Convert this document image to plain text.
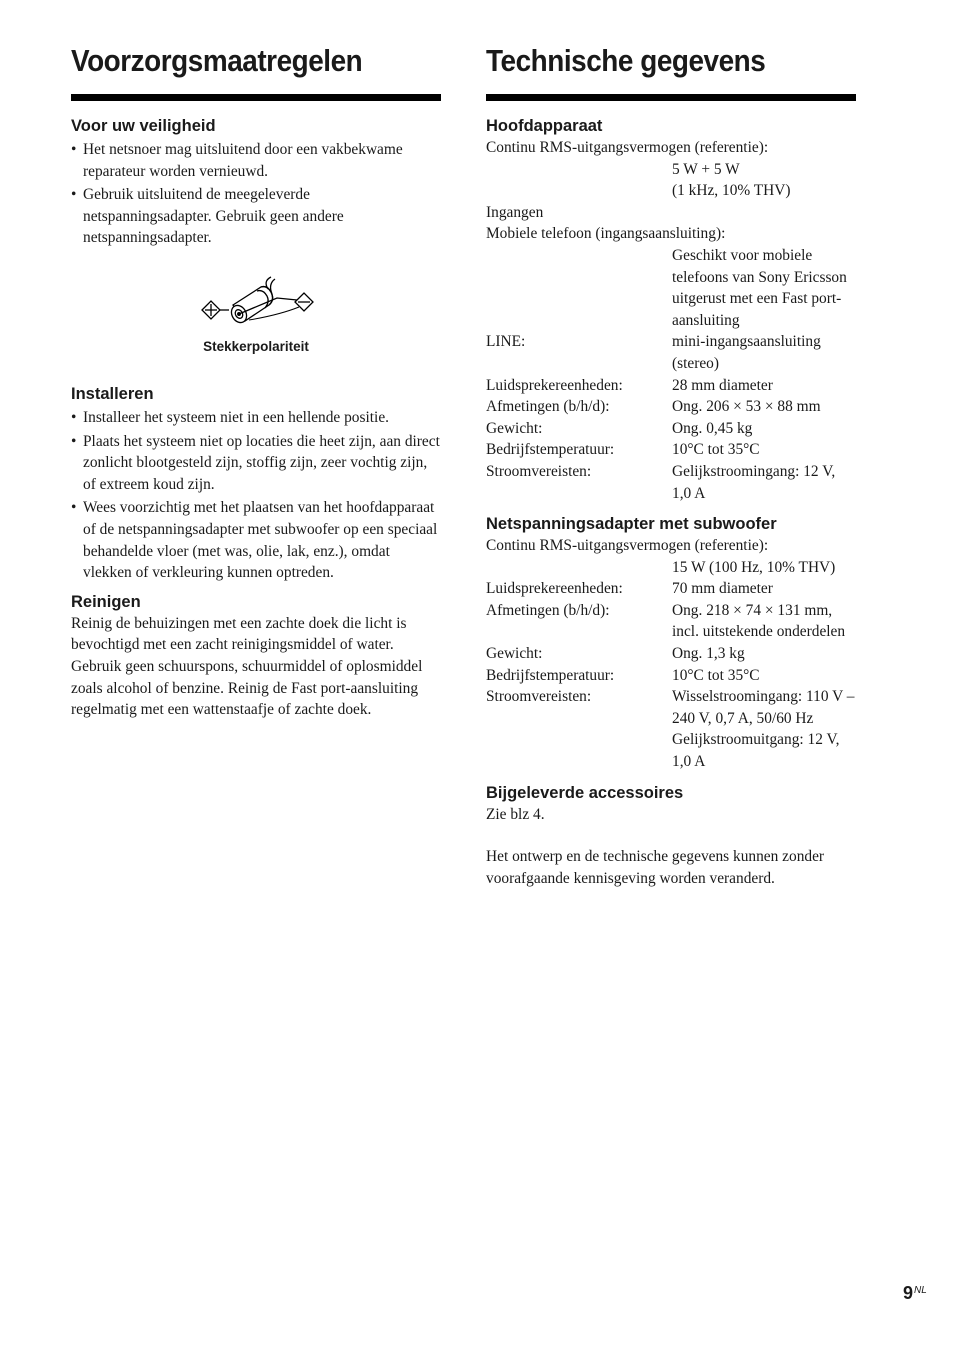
Voorzorgsmaatregelen
Voor uw veiligheid
• Het netsnoer mag uitsluitend door een vakbekwame reparateur worden vernieuwd.
• Gebruik uitsluitend de meegeleverde netspanningsadapter. Gebruik geen andere netspanningsadapter.
Stekkerpolariteit
Installeren
• Installeer het systeem niet in een hellende positie.
• Plaats het systeem niet op locaties die heet zijn, aan direct zonlicht blootgesteld zijn, stoffig zijn, zeer vochtig zijn, of extreem koud zijn.
• Wees voorzichtig met het plaatsen van het hoofdapparaat of de netspanningsadapter met subwoofer op een speciaal behandelde vloer (met was, olie, lak, enz.), omdat vlekken of verkleuring kunnen optreden.
Reinigen

Reinig de behuizingen met een zachte doek die licht is bevochtigd met een zacht reinigingsmiddel of water. Gebruik geen schuurspons, schuurmiddel of oplosmiddel zoals alcohol of benzine. Reinig de Fast port-aansluiting regelmatig met een wattenstaafje of zachte doek.

Technische gegevens
Hoofdapparaat

Continu RMS-uitgangsvermogen (referentie):

5 W + 5 W

(1 kHz, 10% THV)

Ingangen

Mobiele telefoon (ingangsaansluiting):

Geschikt voor mobiele telefoons van Sony Ericsson uitgerust met een Fast port-aansluiting

LINE:	mini-ingangsaansluiting (stereo)
Luidsprekereenheden:	28 mm diameter
Afmetingen (b/h/d):	Ong. 206 × 53 × 88 mm
Gewicht:	Ong. 0,45 kg
Bedrijfstemperatuur:	10°C tot 35°C
Stroomvereisten:	Gelijkstroomingang: 12 V, 1,0 A
Netspanningsadapter met subwoofer

Continu RMS-uitgangsvermogen (referentie):

15 W (100 Hz, 10% THV)

Luidsprekereenheden:	70 mm diameter
Afmetingen (b/h/d):	Ong. 218 × 74 × 131 mm, incl. uitstekende onderdelen
Gewicht:	Ong. 1,3 kg
Bedrijfstemperatuur:	10°C tot 35°C
Stroomvereisten:	Wisselstroomingang: 110 V – 240 V, 0,7 A, 50/60 Hz
Gelijkstroomuitgang: 12 V, 1,0 A
Bijgeleverde accessoires

Zie blz 4.

Het ontwerp en de technische gegevens kunnen zonder voorafgaande kennisgeving worden veranderd.

$9^{NL}$
